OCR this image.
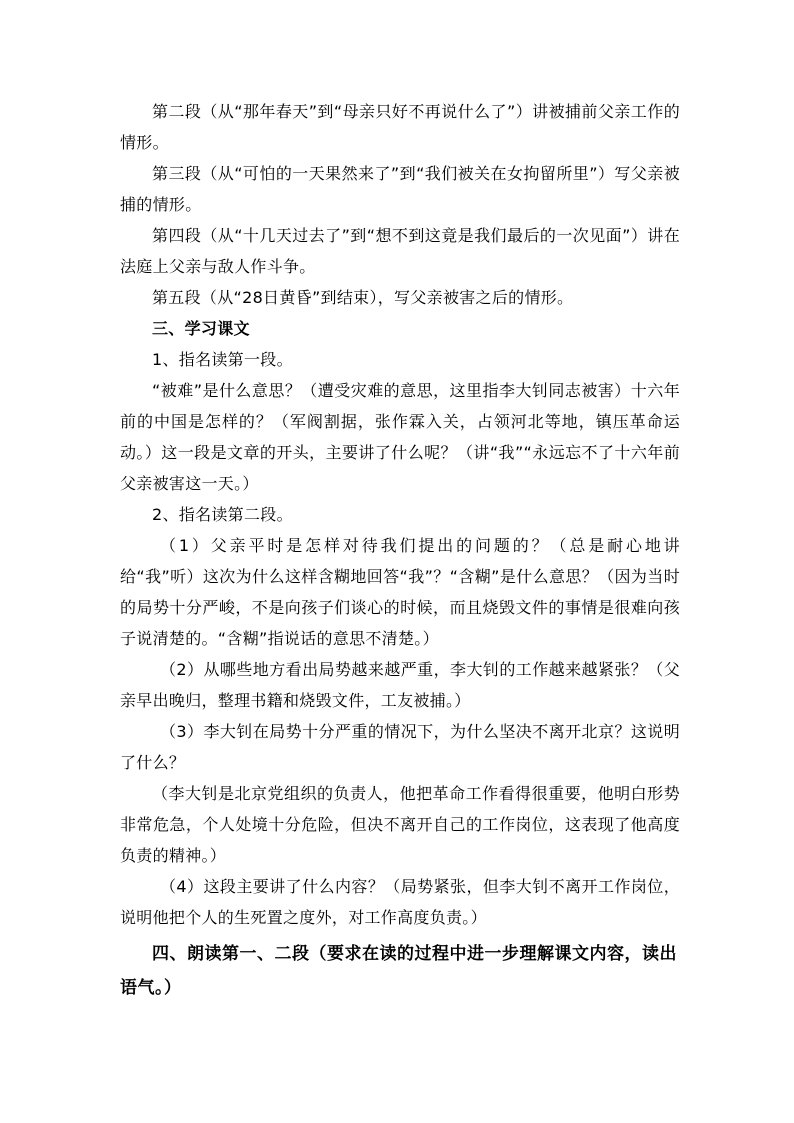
第二段（从“那年春天”到“母亲只好不再说什么了”）讲被捕前父亲工作的情形。

第三段（从“可怕的一天果然来了”到“我们被关在女拘留所里”）写父亲被捕的情形。

第四段（从“十几天过去了”到“想不到这竟是我们最后的一次见面”）讲在法庭上父亲与敌人作斗争。

第五段（从“28日黄昏”到结束），写父亲被害之后的情形。

三、学习课文

1、指名读第一段。

“被难”是什么意思？（遭受灾难的意思，这里指李大钊同志被害）十六年前的中国是怎样的？（军阀割据，张作霖入关，占领河北等地，镇压革命运动。）这一段是文章的开头，主要讲了什么呢？（讲“我”“永远忘不了十六年前父亲被害这一天。）

2、指名读第二段。

（1）父亲平时是怎样对待我们提出的问题的？（总是耐心地讲给“我”听）这次为什么这样含糊地回答“我”？“含糊”是什么意思？（因为当时的局势十分严峻，不是向孩子们谈心的时候，而且烧毁文件的事情是很难向孩子说清楚的。“含糊”指说话的意思不清楚。）

（2）从哪些地方看出局势越来越严重，李大钊的工作越来越紧张？（父亲早出晚归，整理书籍和烧毁文件，工友被捕。）

（3）李大钊在局势十分严重的情况下，为什么坚决不离开北京？这说明了什么？

（李大钊是北京党组织的负责人，他把革命工作看得很重要，他明白形势非常危急，个人处境十分危险，但决不离开自己的工作岗位，这表现了他高度负责的精神。）

（4）这段主要讲了什么内容？（局势紧张，但李大钊不离开工作岗位，说明他把个人的生死置之度外，对工作高度负责。）

四、朗读第一、二段（要求在读的过程中进一步理解课文内容，读出语气。）
